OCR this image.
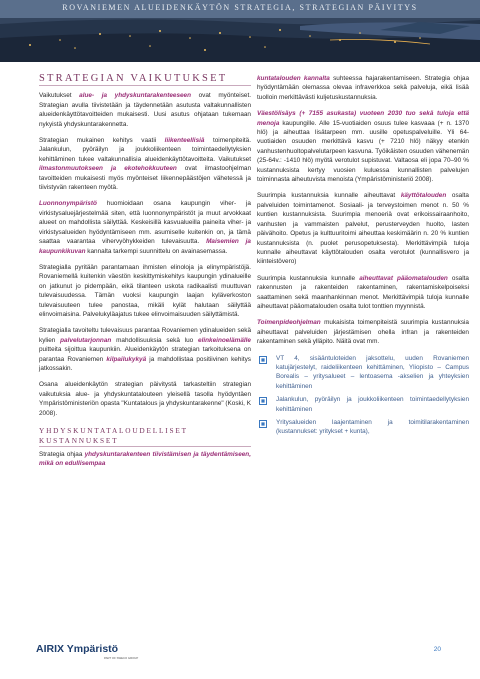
ROVANIEMEN ALUEIDENKÄYTÖN STRATEGIA, STRATEGIAN PÄIVITYS
STRATEGIAN VAIKUTUKSET

Vaikutukset alue- ja yhdyskuntarakenteeseen ovat myönteiset. Strategian avulla tiivistetään ja täydennetään asutusta valtakunnallisten alueidenkäyttötavoitteiden mukaisesti. Uusi asutus ohjataan tukemaan nykyistä yhdyskuntarakennetta.

Strategian mukainen kehitys vaatii liikenteellisiä toimenpiteitä. Jalankulun, pyöräilyn ja joukkoliikenteen toimintaedellytyksien kehittäminen tukee valtakunnallisia alueidenkäyttötavoitteita. Vaikutukset ilmastonmuutokseen ja ekotehokkuuteen ovat ilmastoohjelman tavoitteiden mukaisesti myös myönteiset liikennepäästöjen vähetessä ja tiivistyvän rakenteen myötä.

Luonnonympäristö huomioidaan osana kaupungin viher- ja virkistysaluejärjestelmää siten, että luonnonympäristöt ja muut arvokkaat alueet on mahdollista säilyttää. Keskeisillä kasvualueilla paineita viher- ja virkistysalueiden hyödyntämiseen mm. asumiselle kuitenkin on, ja tämä saattaa vaarantaa vihervyöhykkeiden tulevaisuutta. Maisemien ja kaupunkikuvan kannalta tarkempi suunnittelu on avainasemassa.

Strategialla pyritään parantamaan ihmisten elinoloja ja elinympäristöjä. Rovaniemellä kuitenkin väestön keskittymiskehitys kaupungin ydinalueille on jatkunut jo pidempään, eikä tilanteen uskota radikaalisti muuttuvan tulevaisuudessa. Tämän vuoksi kaupungin laajan kyläverkoston tulevaisuuteen tulee panostaa, mikäli kylät halutaan säilyttää elinvoimaisina. Palvelukyläajatus tukee elinvoimaisuuden säilyttämistä.

Strategialla tavoiteltu tulevaisuus parantaa Rovaniemen ydinalueiden sekä kylien palvelutarjonnan mahdollisuuksia sekä luo elinkeinoelämälle puitteita sijoittua kaupunkiin. Alueidenkäytön strategian tarkoituksena on parantaa Rovaniemen kilpailukykyä ja mahdollistaa positiivinen kehitys jatkossakin.

Osana alueidenkäytön strategian päivitystä tarkasteltiin strategian vaikutuksia alue- ja yhdyskuntatalouteen yleisellä tasolla hyödyntäen Ympäristöministeriön opasta "Kuntatalous ja yhdyskuntarakenne" (Koski, K 2008).

YHDYSKUNTATALOUDELLISET
KUSTANNUKSET

Strategia ohjaa yhdyskuntarakenteen tiivistämisen ja täydentämiseen, mikä on edullisempaa

kuntatalouden kannalta suhteessa hajarakentamiseen. Strategia ohjaa hyödyntämään olemassa olevaa infraverkkoa sekä palveluja, eikä lisää tuolloin merkittävästi kuljetuskustannuksia.

Väestölisäys (+ 7155 asukasta) vuoteen 2030 tuo sekä tuloja että menoja kaupungille. Alle 15-vuotiaiden osuus tulee kasvaaa (+ n. 1370 hlö) ja aiheuttaa lisätarpeen mm. uusille opetuspalveluille. Yli 64-vuotiaiden osuuden merkittävä kasvu (+ 7210 hlö) näkyy etenkin vanhustenhuoltopalvelutarpeen kasvuna. Työikäisten osuuden vähenemän (25-64v.: -1410 hlö) myötä verotulot supistuvat. Valtaosa eli jopa 70–90 % kustannuksista kertyy vuosien kuluessa kunnallisten palvelujen toiminnasta aiheutuvista menoista (Ympäristöministeriö 2008).

Suurimpia kustannuksia kunnalle aiheuttavat käyttötalouden osalta palveluiden toimintamenot. Sosiaali- ja terveystoimen menot n. 50 % kuntien kustannuksista. Suurimpia menoeriä ovat erikoissairaanhoito, vanhusten ja vammaisten palvelut, perusterveyden huolto, lasten päivähoito. Opetus ja kulttuuritoimi aiheuttaa keskimäärin n. 20 % kuntien kustannuksista (n. puolet perusopetuksesta). Merkittävimpiä tuloja kunnalle aiheuttavat käyttötalouden osalta verotulot (kunnallisvero ja kiinteistövero)

Suurimpia kustannuksia kunnalle aiheuttavat pääomatalouden osalta rakennusten ja rakenteiden rakentaminen, rakentamiskelpoiseksi saattaminen sekä maanhankinnan menot. Merkittävimpiä tuloja kunnalle aiheuttavat pääomatalouden osalta tulot tonttien myynnistä.

Toimenpideohjelman mukaisista toimenpiteistä suurimpia kustannuksia aiheuttavat palveluiden järjestämisen ohella infran ja rakenteiden rakentaminen sekä ylläpito. Näitä ovat mm.

VT 4, sisääntuloteiden jaksottelu, uuden Rovaniemen katujärjestelyt, raideliikenteen kehittäminen, Yliopisto – Campus Borealis – yritysalueet – lentoasema -akselien ja yhteyksien kehittäminen
Jalankulun, pyöräilyn ja joukkoliikenteen toimintaedellytyksien kehittäminen
Yritysalueiden laajentaminen ja toimitilarakentaminen (kustannukset: yritykset + kunta),
AIRIX Ympäristö
PART OF SWECO GROUP
20
